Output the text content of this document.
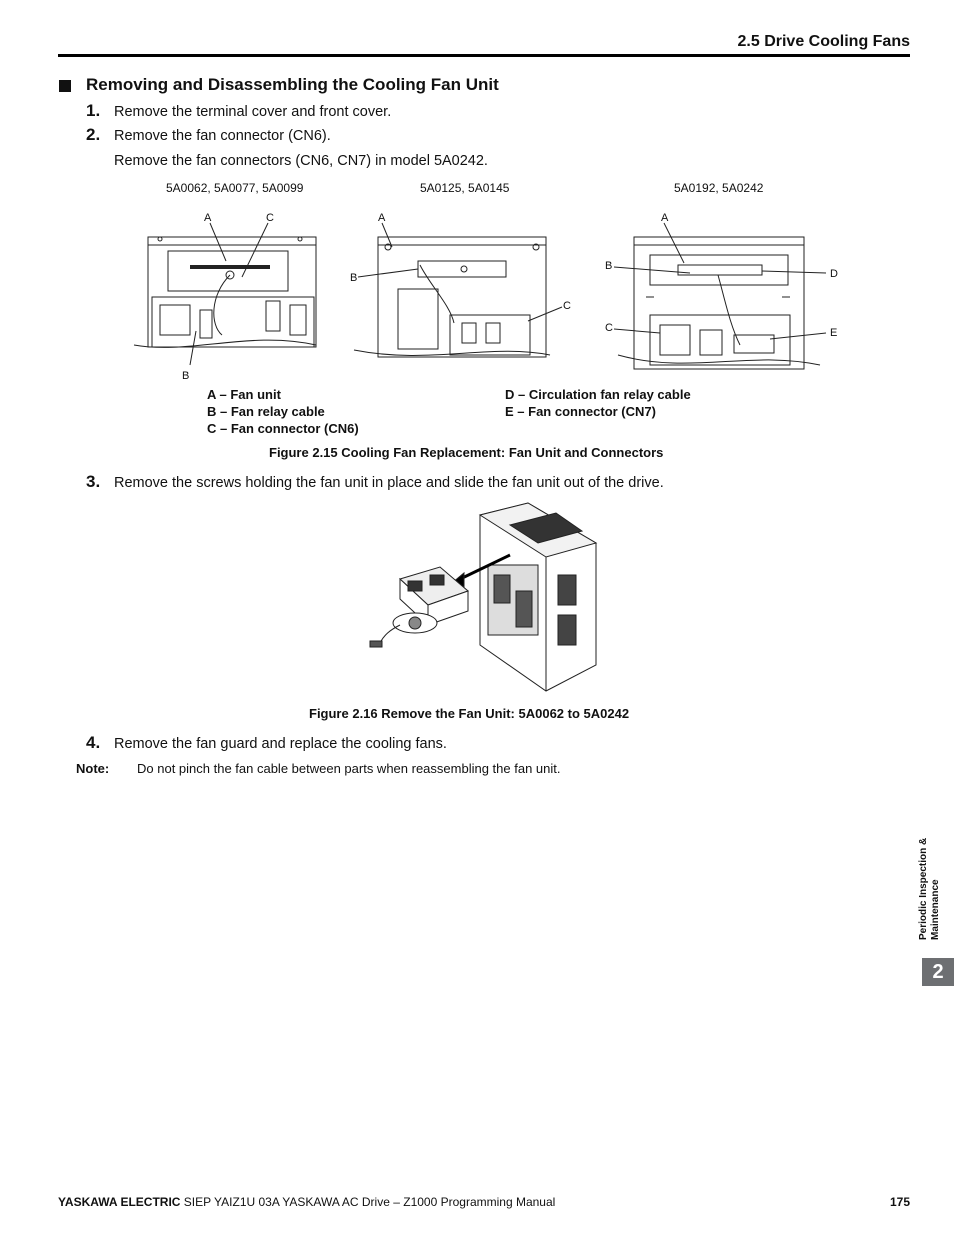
2.5 Drive Cooling Fans
Removing and Disassembling the Cooling Fan Unit
1. Remove the terminal cover and front cover.
2. Remove the fan connector (CN6).
Remove the fan connectors (CN6, CN7) in model 5A0242.
5A0062, 5A0077, 5A0099	5A0125, 5A0145	5A0192, 5A0242
A	C
B
A
B
C
A
B
C
D
E
A – Fan unit
B – Fan relay cable
C – Fan connector (CN6)
D – Circulation fan relay cable
E – Fan connector (CN7)
Figure 2.15 Cooling Fan Replacement: Fan Unit and Connectors
3. Remove the screws holding the fan unit in place and slide the fan unit out of the drive.
Figure 2.16 Remove the Fan Unit: 5A0062 to 5A0242
4. Remove the fan guard and replace the cooling fans.
Note: Do not pinch the fan cable between parts when reassembling the fan unit.
Periodic Inspection & Maintenance
2
YASKAWA ELECTRIC SIEP YAIZ1U 03A YASKAWA AC Drive – Z1000 Programming Manual	175
